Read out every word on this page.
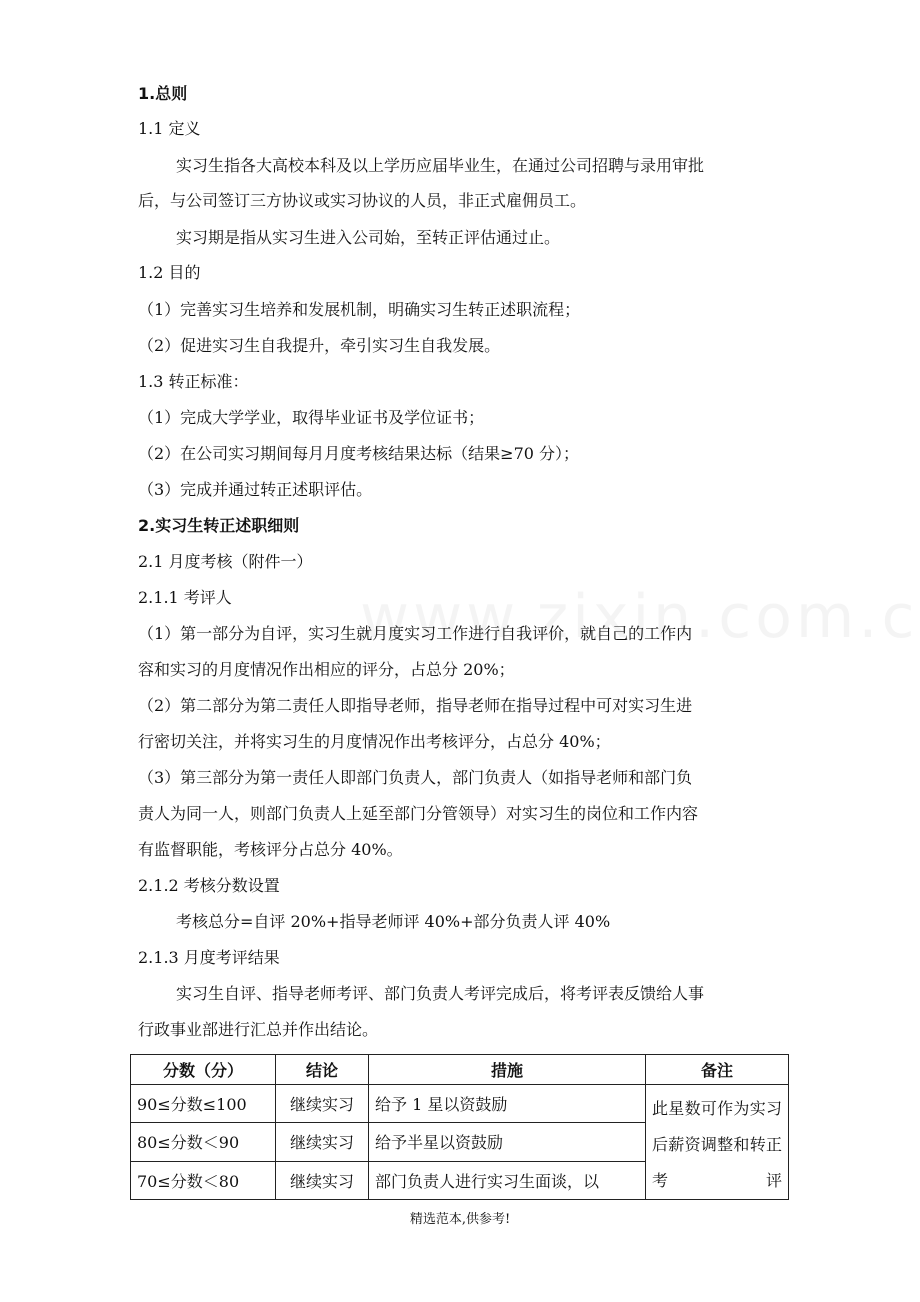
1.总则
1.1 定义
实习生指各大高校本科及以上学历应届毕业生，在通过公司招聘与录用审批
后，与公司签订三方协议或实习协议的人员，非正式雇佣员工。
实习期是指从实习生进入公司始，至转正评估通过止。
1.2 目的
（1）完善实习生培养和发展机制，明确实习生转正述职流程；
（2）促进实习生自我提升，牵引实习生自我发展。
1.3 转正标准：
（1）完成大学学业，取得毕业证书及学位证书；
（2）在公司实习期间每月月度考核结果达标（结果≥70 分）；
（3）完成并通过转正述职评估。
2.实习生转正述职细则
2.1 月度考核（附件一）
2.1.1 考评人
（1）第一部分为自评，实习生就月度实习工作进行自我评价，就自己的工作内
容和实习的月度情况作出相应的评分，占总分 20%；
（2）第二部分为第二责任人即指导老师，指导老师在指导过程中可对实习生进
行密切关注，并将实习生的月度情况作出考核评分，占总分 40%；
（3）第三部分为第一责任人即部门负责人，部门负责人（如指导老师和部门负
责人为同一人，则部门负责人上延至部门分管领导）对实习生的岗位和工作内容
有监督职能，考核评分占总分 40%。
2.1.2 考核分数设置
考核总分=自评 20%+指导老师评 40%+部分负责人评 40%
2.1.3 月度考评结果
实习生自评、指导老师考评、部门负责人考评完成后，将考评表反馈给人事
行政事业部进行汇总并作出结论。
分数（分）	结论	措施	备注
90≤分数≤100	继续实习	给予 1 星以资鼓励	此星数可作为实习后薪资调整和转正考评
80≤分数＜90	继续实习	给予半星以资鼓励	
70≤分数＜80	继续实习	部门负责人进行实习生面谈，以	
精选范本,供参考!
